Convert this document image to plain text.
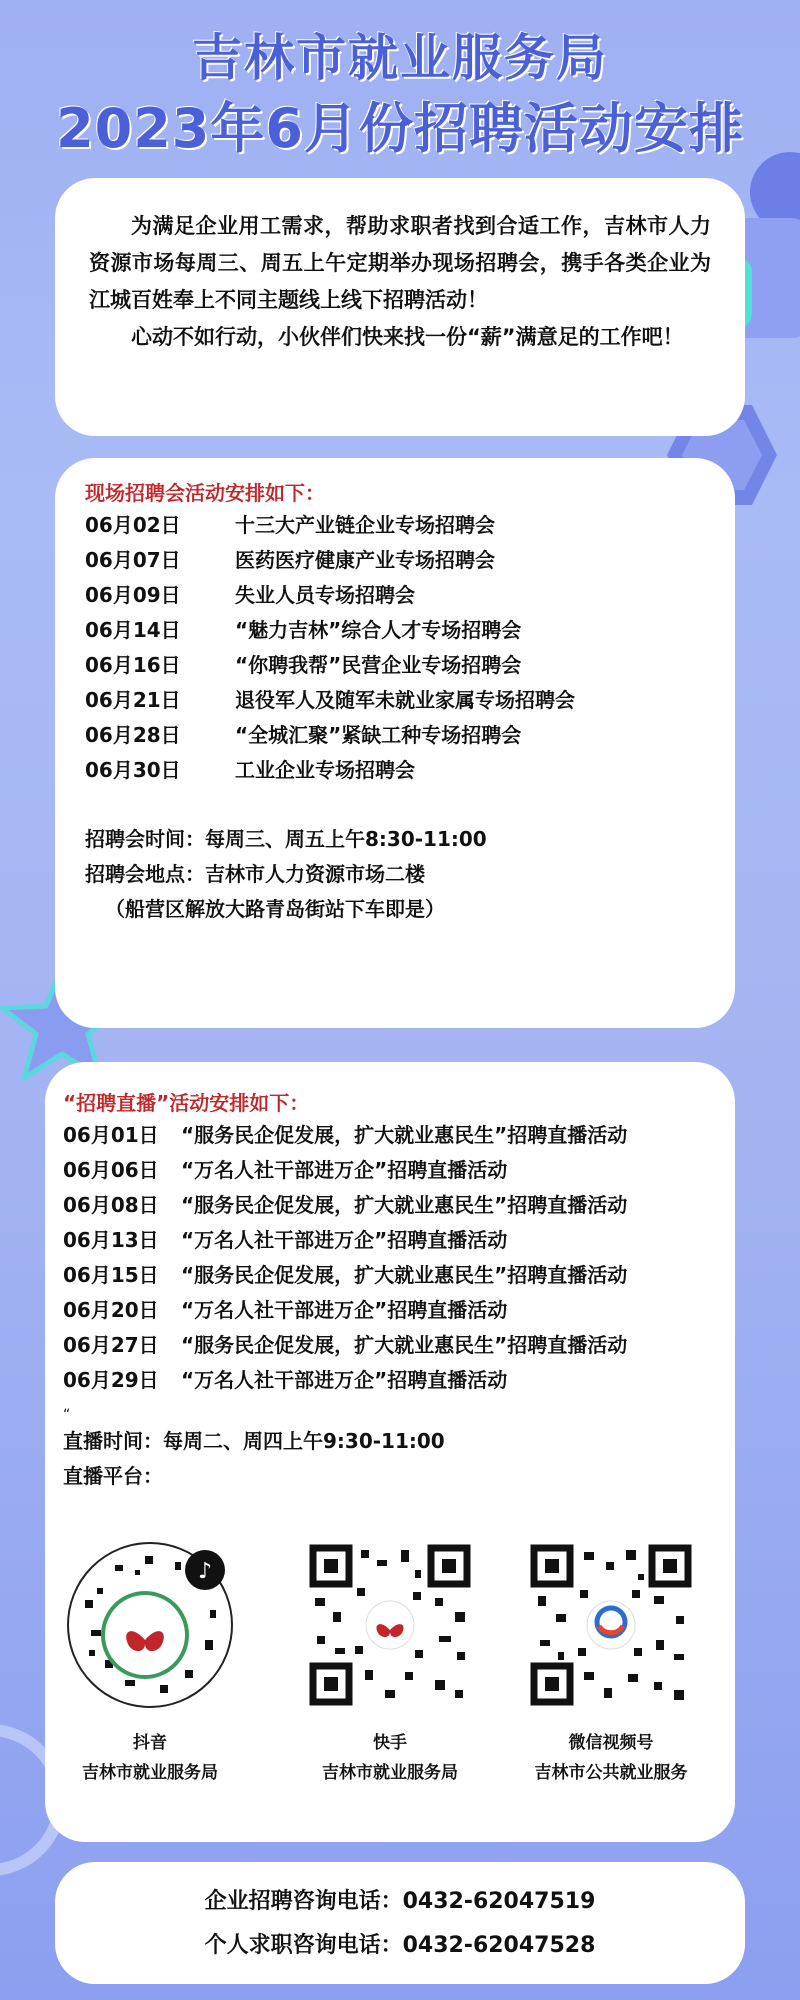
吉林市就业服务局
2023年6月份招聘活动安排

为满足企业用工需求，帮助求职者找到合适工作，吉林市人力资源市场每周三、周五上午定期举办现场招聘会，携手各类企业为江城百姓奉上不同主题线上线下招聘活动！

心动不如行动，小伙伴们快来找一份“薪”满意足的工作吧！

现场招聘会活动安排如下：
06月02日	十三大产业链企业专场招聘会
06月07日	医药医疗健康产业专场招聘会
06月09日	失业人员专场招聘会
06月14日	“魅力吉林”综合人才专场招聘会
06月16日	“你聘我帮”民营企业专场招聘会
06月21日	退役军人及随军未就业家属专场招聘会
06月28日	“全城汇聚”紧缺工种专场招聘会
06月30日	工业企业专场招聘会
招聘会时间：每周三、周五上午8:30-11:00
招聘会地点：吉林市人力资源市场二楼
（船营区解放大路青岛街站下车即是）
“招聘直播”活动安排如下：
06月01日	“服务民企促发展，扩大就业惠民生”招聘直播活动
06月06日	“万名人社干部进万企”招聘直播活动
06月08日	“服务民企促发展，扩大就业惠民生”招聘直播活动
06月13日	“万名人社干部进万企”招聘直播活动
06月15日	“服务民企促发展，扩大就业惠民生”招聘直播活动
06月20日	“万名人社干部进万企”招聘直播活动
06月27日	“服务民企促发展，扩大就业惠民生”招聘直播活动
06月29日	“万名人社干部进万企”招聘直播活动
“
直播时间：每周二、周四上午9:30-11:00
直播平台：
♪
抖音
吉林市就业服务局
快手
吉林市就业服务局
微信视频号
吉林市公共就业服务
企业招聘咨询电话：0432-62047519
个人求职咨询电话：0432-62047528
